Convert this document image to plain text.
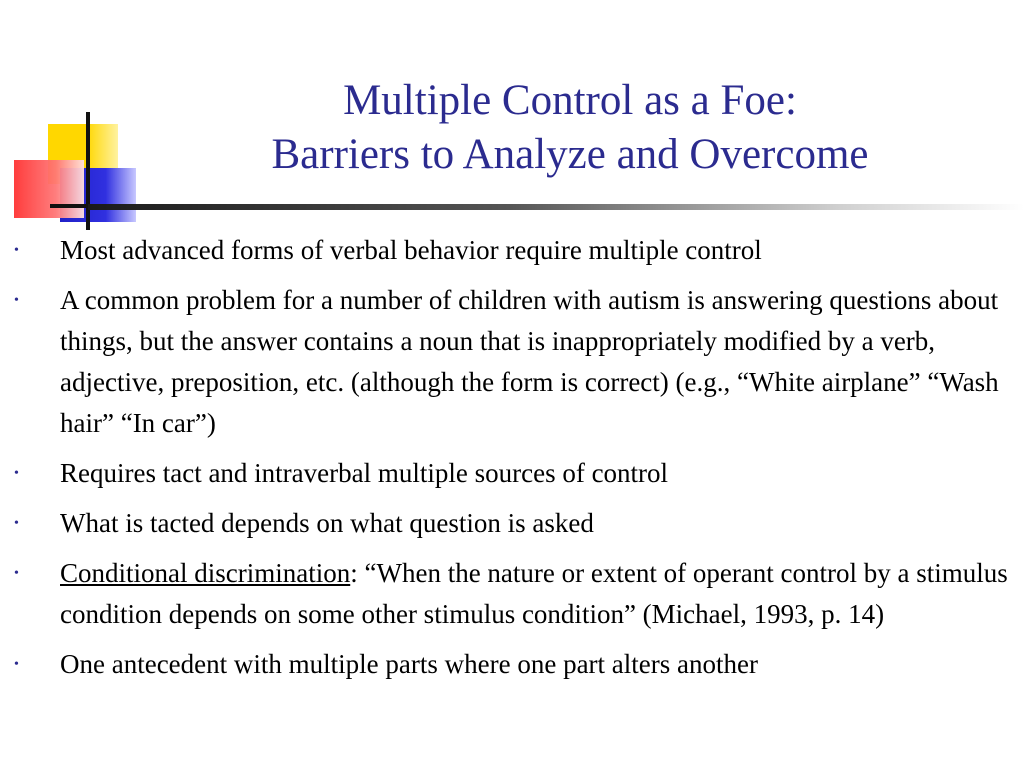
Multiple Control as a Foe:
Barriers to Analyze and Overcome
• Most advanced forms of verbal behavior require multiple control
• A common problem for a number of children with autism is answering questions about things, but the answer contains a noun that is inappropriately modified by a verb, adjective, preposition, etc. (although the form is correct) (e.g., “White airplane” “Wash hair” “In car”)
• Requires tact and intraverbal multiple sources of control
• What is tacted depends on what question is asked
• Conditional discrimination: “When the nature or extent of operant control by a stimulus condition depends on some other stimulus condition” (Michael, 1993, p. 14)
• One antecedent with multiple parts where one part alters another
